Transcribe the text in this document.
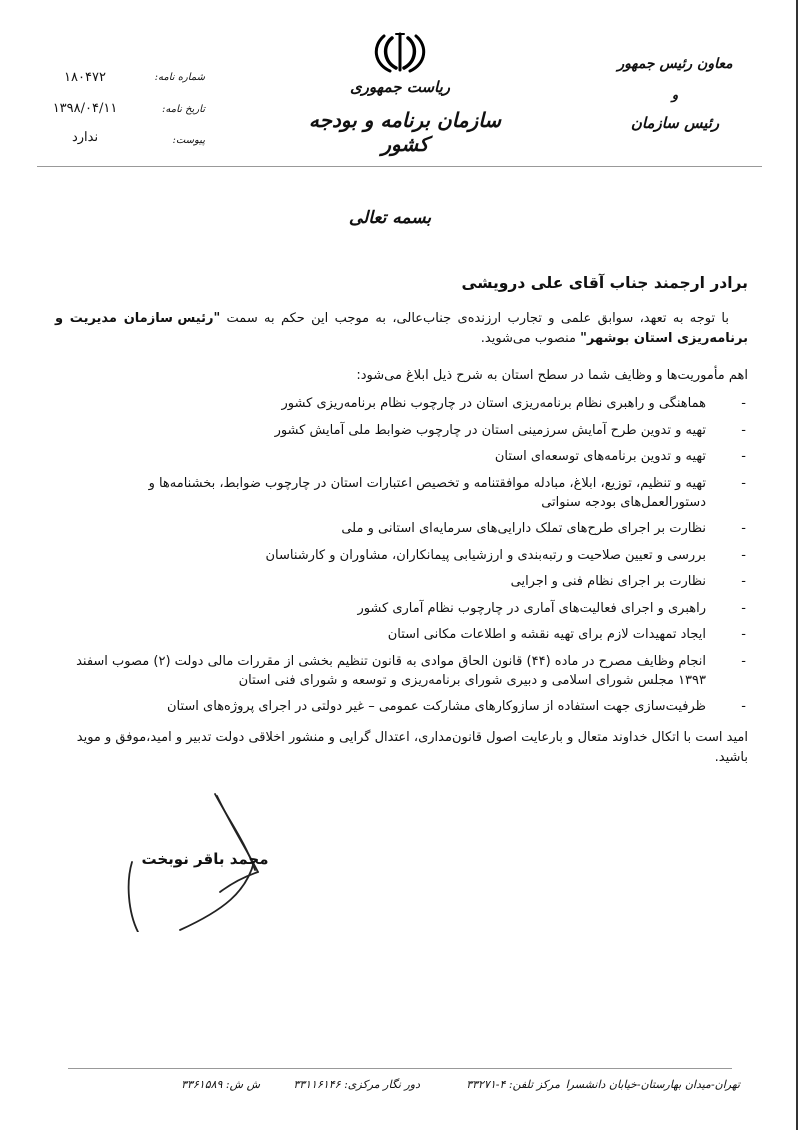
ریاست جمهوری
سازمان برنامه و بودجه کشور
معاون رئیس جمهور
و
رئیس سازمان
شماره نامه:
۱۸۰۴۷۲
تاریخ نامه:
۱۳۹۸/۰۴/۱۱
پیوست:
ندارد
بسمه تعالی
برادر ارجمند جناب آقای علی درویشی
با توجه به تعهد، سوابق علمی و تجارب ارزنده‌ی جناب‌عالی، به موجب این حکم به سمت "رئیس سازمان مدیریت و برنامه‌ریزی استان بوشهر" منصوب می‌شوید.
اهم مأموریت‌ها و وظایف شما در سطح استان به شرح ذیل ابلاغ می‌شود:
-
هماهنگی و راهبری نظام برنامه‌ریزی استان در چارچوب نظام برنامه‌ریزی کشور
-
تهیه و تدوین طرح آمایش سرزمینی استان در چارچوب ضوابط ملی آمایش کشور
-
تهیه و تدوین برنامه‌های توسعه‌ای استان
-
تهیه و تنظیم، توزیع، ابلاغ، مبادله موافقتنامه و تخصیص اعتبارات استان در چارچوب ضوابط، بخشنامه‌ها و دستورالعمل‌های بودجه سنواتی
-
نظارت بر اجرای طرح‌های تملک دارایی‌های سرمایه‌ای استانی و ملی
-
بررسی و تعیین صلاحیت و رتبه‌بندی و ارزشیابی پیمانکاران، مشاوران و کارشناسان
-
نظارت بر اجرای نظام فنی و اجرایی
-
راهبری و اجرای فعالیت‌های آماری در چارچوب نظام آماری کشور
-
ایجاد تمهیدات لازم برای تهیه نقشه و اطلاعات مکانی استان
-
انجام وظایف مصرح در ماده (۴۴) قانون الحاق موادی به قانون تنظیم بخشی از مقررات مالی دولت (۲) مصوب اسفند ۱۳۹۳ مجلس شورای اسلامی و دبیری شورای برنامه‌ریزی و توسعه و شورای فنی استان
-
ظرفیت‌سازی جهت استفاده از سازوکارهای مشارکت عمومی – غیر دولتی در اجرای پروژه‌های استان
امید است با اتکال خداوند متعال و بارعایت اصول قانون‌مداری، اعتدال گرایی و منشور اخلاقی دولت تدبیر و امید،موفق و موید باشید.
محمد باقر نوبخت
تهران-میدان بهارستان-خیابان دانشسرا
مرکز تلفن: ۴-۳۳۲۷۱
دور نگار مرکزی: ۳۳۱۱۶۱۴۶
ش ش: ۳۳۶۱۵۸۹
